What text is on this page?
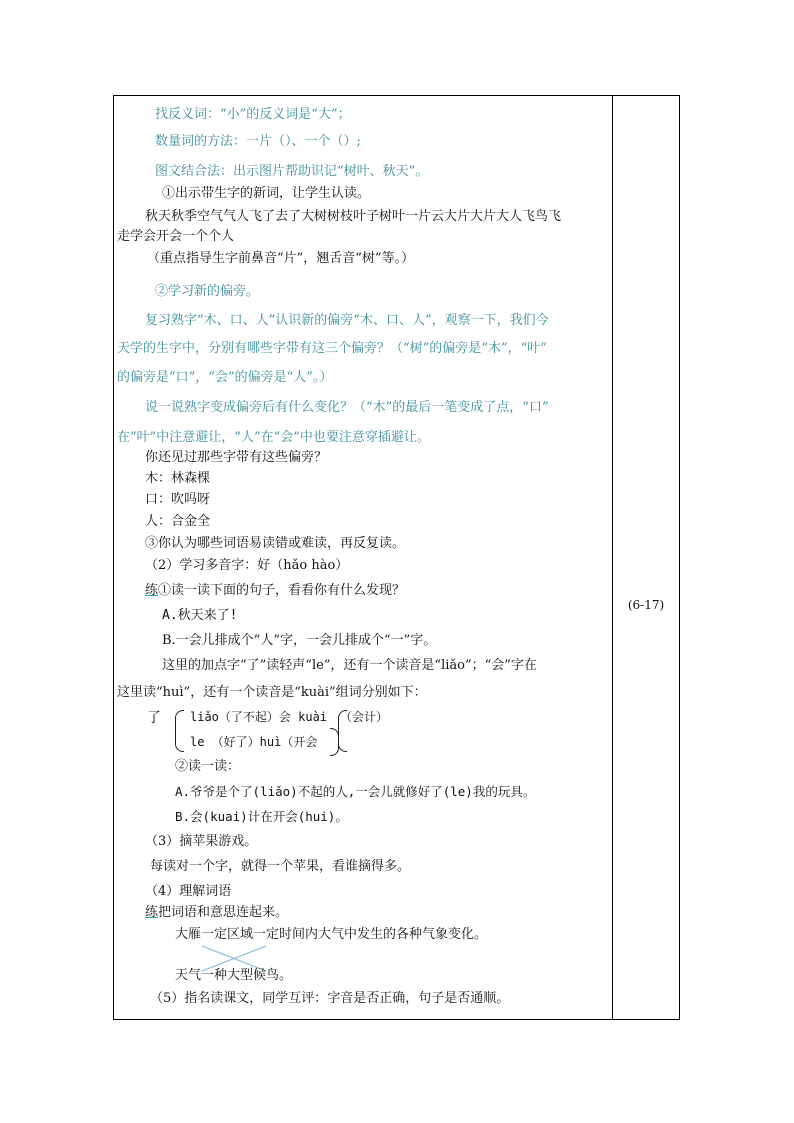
(6-17)
找反义词：“小”的反义词是“大”；
数量词的方法：一片（）、一个（）;
图文结合法：出示图片帮助识记“树叶、秋天”。
①出示带生字的新词，让学生认读。
秋天秋季空气气人飞了去了大树树枝叶子树叶一片云大片大片大人飞鸟飞
走学会开会一个个人
（重点指导生字前鼻音“片”，翘舌音“树”等。）
②学习新的偏旁。
复习熟字“木、口、人”认识新的偏旁“木、口、人”，观察一下，我们今
天学的生字中，分别有哪些字带有这三个偏旁？（“树”的偏旁是“木”，“叶”
的偏旁是“口”，“会”的偏旁是“人”。）
说一说熟字变成偏旁后有什么变化？（“木”的最后一笔变成了点，“口”
在“叶”中注意避让，“人”在“会”中也要注意穿插避让。
你还见过那些字带有这些偏旁？
木：林森棵
口：吹吗呀
人：合金全
③你认为哪些词语易读错或难读，再反复读。
（2）学习多音字：好（hǎo hào）
练①读一读下面的句子，看看你有什么发现？
A.秋天来了!
B.一会儿排成个“人”字，一会儿排成个“一”字。
这里的加点字“了”读轻声“le”，还有一个读音是“liǎo”；“会”字在
这里读“huì”，还有一个读音是“kuài”组词分别如下：
了 liǎo（了不起）会 kuài （会计）
le （好了）huì（开会
②读一读：
A.爷爷是个了(liǎo)不起的人,一会儿就修好了(le)我的玩具。
B.会(kuai)计在开会(hui)。
（3）摘苹果游戏。
每读对一个字，就得一个苹果，看谁摘得多。
（4）理解词语
练把词语和意思连起来。
大雁一定区域一定时间内大气中发生的各种气象变化。
天气一种大型候鸟。
（5）指名读课文，同学互评：字音是否正确，句子是否通顺。
